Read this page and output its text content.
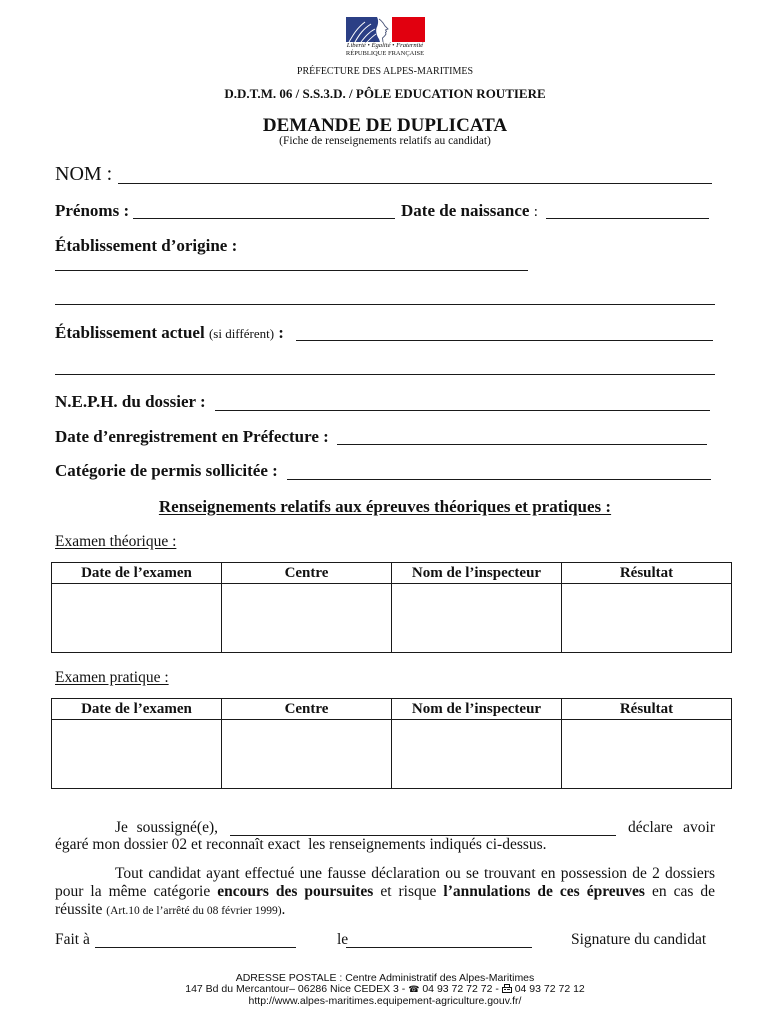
Liberté • Égalité • Fraternité
RÉPUBLIQUE FRANÇAISE
PRÉFECTURE DES ALPES-MARITIMES
D.D.T.M. 06 / S.S.3.D. / PÔLE EDUCATION ROUTIERE
DEMANDE DE DUPLICATA
(Fiche de renseignements relatifs au candidat)
NOM :
Prénoms :	Date de naissance :
Établissement d’origine :
Établissement actuel (si différent) :
N.E.P.H. du dossier :
Date d’enregistrement en Préfecture :
Catégorie de permis sollicitée :
Renseignements relatifs aux épreuves théoriques et pratiques :
Examen théorique :
Date de l’examen	Centre	Nom de l’inspecteur	Résultat

Examen pratique :
Date de l’examen	Centre	Nom de l’inspecteur	Résultat

Je soussigné(e),	déclare avoir
égaré mon dossier 02 et reconnaît exact  les renseignements indiqués ci-dessus.
Tout candidat ayant effectué une fausse déclaration ou se trouvant en possession de 2 dossiers
pour la même catégorie encours des poursuites et risque l’annulations de ces épreuves en cas de
réussite (Art.10 de l’arrêté du 08 février 1999).
Fait à	le	Signature du candidat
ADRESSE POSTALE : Centre Administratif des Alpes-Maritimes
147 Bd du Mercantour– 06286 Nice CEDEX 3 - ☎ 04 93 72 72 72 - 04 93 72 72 12
http://www.alpes-maritimes.equipement-agriculture.gouv.fr/
